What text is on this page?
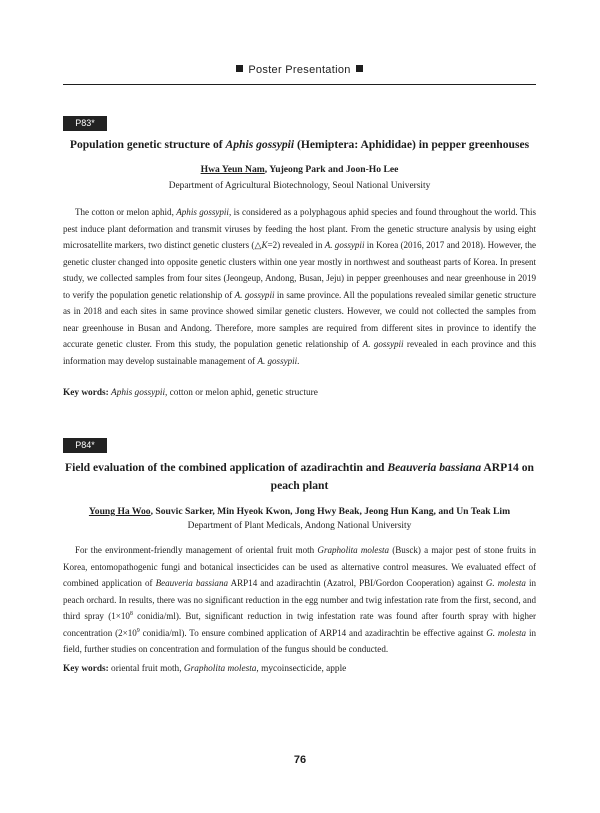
Poster Presentation
P83*
Population genetic structure of Aphis gossypii (Hemiptera: Aphididae) in pepper greenhouses
Hwa Yeun Nam, Yujeong Park and Joon-Ho Lee
Department of Agricultural Biotechnology, Seoul National University

The cotton or melon aphid, Aphis gossypii, is considered as a polyphagous aphid species and found throughout the world. This pest induce plant deformation and transmit viruses by feeding the host plant. From the genetic structure analysis by using eight microsatellite markers, two distinct genetic clusters (△K=2) revealed in A. gossypii in Korea (2016, 2017 and 2018). However, the genetic cluster changed into opposite genetic clusters within one year mostly in northwest and southeast parts of Korea. In present study, we collected samples from four sites (Jeongeup, Andong, Busan, Jeju) in pepper greenhouses and near greenhouse in 2019 to verify the population genetic relationship of A. gossypii in same province. All the populations revealed similar genetic structure as in 2018 and each sites in same province showed similar genetic clusters. However, we could not collected the samples from near greenhouse in Busan and Andong. Therefore, more samples are required from different sites in province to identify the accurate genetic cluster. From this study, the population genetic relationship of A. gossypii revealed in each province and this information may develop sustainable management of A. gossypii.

Key words: Aphis gossypii, cotton or melon aphid, genetic structure
P84*
Field evaluation of the combined application of azadirachtin and Beauveria bassiana ARP14 on peach plant
Young Ha Woo, Souvic Sarker, Min Hyeok Kwon, Jong Hwy Beak, Jeong Hun Kang, and Un Teak Lim
Department of Plant Medicals, Andong National University

For the environment-friendly management of oriental fruit moth Grapholita molesta (Busck) a major pest of stone fruits in Korea, entomopathogenic fungi and botanical insecticides can be used as alternative control measures. We evaluated effect of combined application of Beauveria bassiana ARP14 and azadirachtin (Azatrol, PBI/Gordon Cooperation) against G. molesta in peach orchard. In results, there was no significant reduction in the egg number and twig infestation rate from the first, second, and third spray ($1\times 10^8$ conidia/ml). But, significant reduction in twig infestation rate was found after fourth spray with higher concentration ($2\times 10^9$ conidia/ml). To ensure combined application of ARP14 and azadirachtin be effective against G. molesta in field, further studies on concentration and formulation of the fungus should be conducted.

Key words: oriental fruit moth, Grapholita molesta, mycoinsecticide, apple
76
